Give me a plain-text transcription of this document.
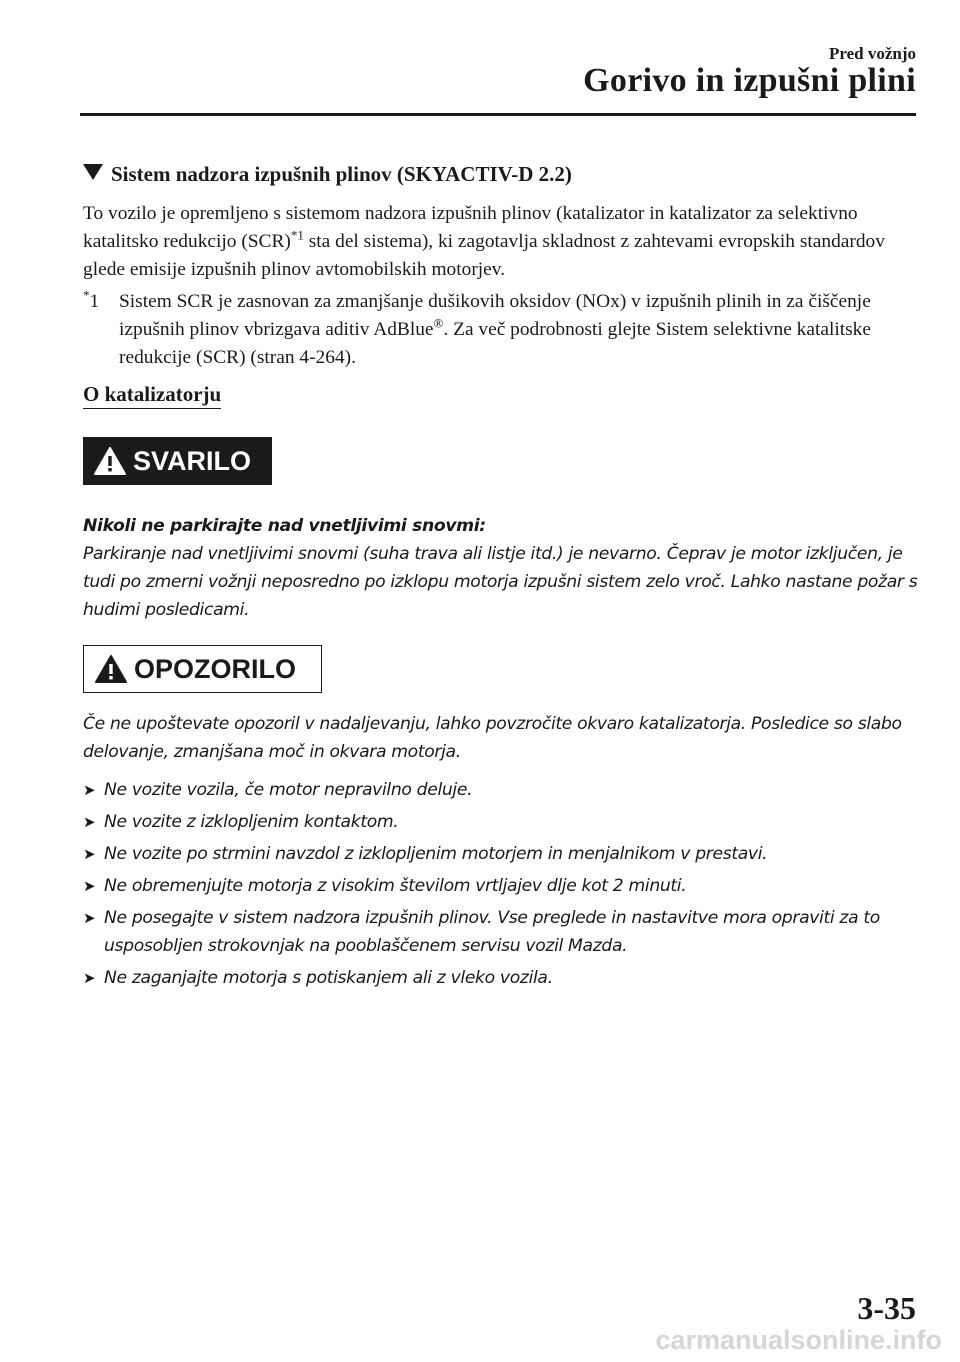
Pred vožnjo
Gorivo in izpušni plini
Sistem nadzora izpušnih plinov (SKYACTIV-D 2.2)
To vozilo je opremljeno s sistemom nadzora izpušnih plinov (katalizator in katalizator za selektivno katalitsko redukcijo (SCR)$^{*1}$ sta del sistema), ki zagotavlja skladnost z zahtevami evropskih standardov glede emisije izpušnih plinov avtomobilskih motorjev.
*1	Sistem SCR je zasnovan za zmanjšanje dušikovih oksidov (NOx) v izpušnih plinih in za čiščenje izpušnih plinov vbrizgava aditiv AdBlue®. Za več podrobnosti glejte Sistem selektivne katalitske redukcije (SCR) (stran 4-264).
O katalizatorju
SVARILO
Nikoli ne parkirajte nad vnetljivimi snovmi:
Parkiranje nad vnetljivimi snovmi (suha trava ali listje itd.) je nevarno. Čeprav je motor izključen, je tudi po zmerni vožnji neposredno po izklopu motorja izpušni sistem zelo vroč. Lahko nastane požar s hudimi posledicami.
OPOZORILO
Če ne upoštevate opozoril v nadaljevanju, lahko povzročite okvaro katalizatorja. Posledice so slabo delovanje, zmanjšana moč in okvara motorja.
➤ Ne vozite vozila, če motor nepravilno deluje.
➤ Ne vozite z izklopljenim kontaktom.
➤ Ne vozite po strmini navzdol z izklopljenim motorjem in menjalnikom v prestavi.
➤ Ne obremenjujte motorja z visokim številom vrtljajev dlje kot 2 minuti.
➤ Ne posegajte v sistem nadzora izpušnih plinov. Vse preglede in nastavitve mora opraviti za to usposobljen strokovnjak na pooblaščenem servisu vozil Mazda.
➤ Ne zaganjajte motorja s potiskanjem ali z vleko vozila.
3-35
carmanualsonline.info
